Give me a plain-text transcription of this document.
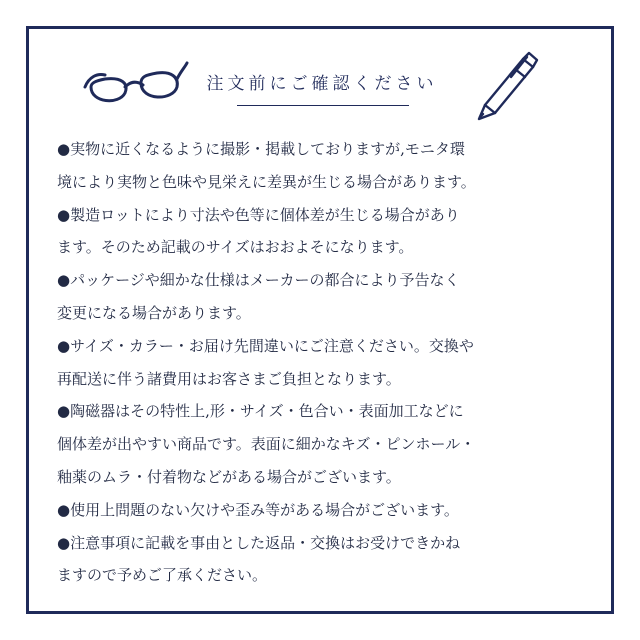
注文前にご確認ください
●実物に近くなるように撮影・掲載しておりますが,モニタ環
境により実物と色味や見栄えに差異が生じる場合があります。
●製造ロットにより寸法や色等に個体差が生じる場合があり
ます。そのため記載のサイズはおおよそになります。
●パッケージや細かな仕様はメーカーの都合により予告なく
変更になる場合があります。
●サイズ・カラー・お届け先間違いにご注意ください。交換や
再配送に伴う諸費用はお客さまご負担となります。
●陶磁器はその特性上,形・サイズ・色合い・表面加工などに
個体差が出やすい商品です。表面に細かなキズ・ピンホール・
釉薬のムラ・付着物などがある場合がございます。
●使用上問題のない欠けや歪み等がある場合がございます。
●注意事項に記載を事由とした返品・交換はお受けできかね
ますので予めご了承ください。
